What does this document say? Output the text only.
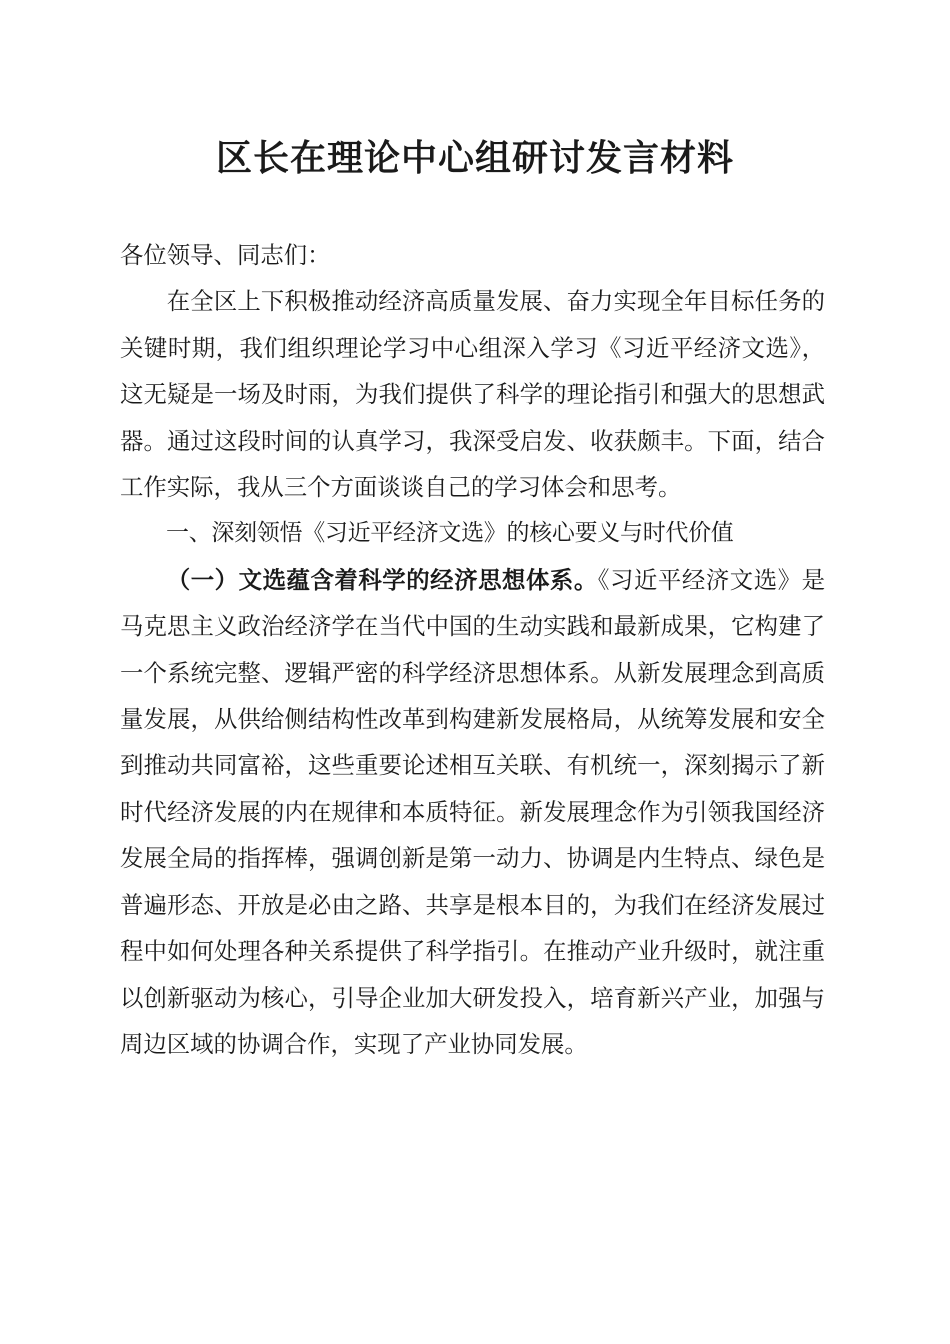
区长在理论中心组研讨发言材料

各位领导、同志们：

在全区上下积极推动经济高质量发展、奋力实现全年目标任务的关键时期，我们组织理论学习中心组深入学习《习近平经济文选》，这无疑是一场及时雨，为我们提供了科学的理论指引和强大的思想武器。通过这段时间的认真学习，我深受启发、收获颇丰。下面，结合工作实际，我从三个方面谈谈自己的学习体会和思考。

一、深刻领悟《习近平经济文选》的核心要义与时代价值

（一）文选蕴含着科学的经济思想体系。《习近平经济文选》是马克思主义政治经济学在当代中国的生动实践和最新成果，它构建了一个系统完整、逻辑严密的科学经济思想体系。从新发展理念到高质量发展，从供给侧结构性改革到构建新发展格局，从统筹发展和安全到推动共同富裕，这些重要论述相互关联、有机统一，深刻揭示了新时代经济发展的内在规律和本质特征。新发展理念作为引领我国经济发展全局的指挥棒，强调创新是第一动力、协调是内生特点、绿色是普遍形态、开放是必由之路、共享是根本目的，为我们在经济发展过程中如何处理各种关系提供了科学指引。在推动产业升级时，就注重以创新驱动为核心，引导企业加大研发投入，培育新兴产业，加强与周边区域的协调合作，实现了产业协同发展。
